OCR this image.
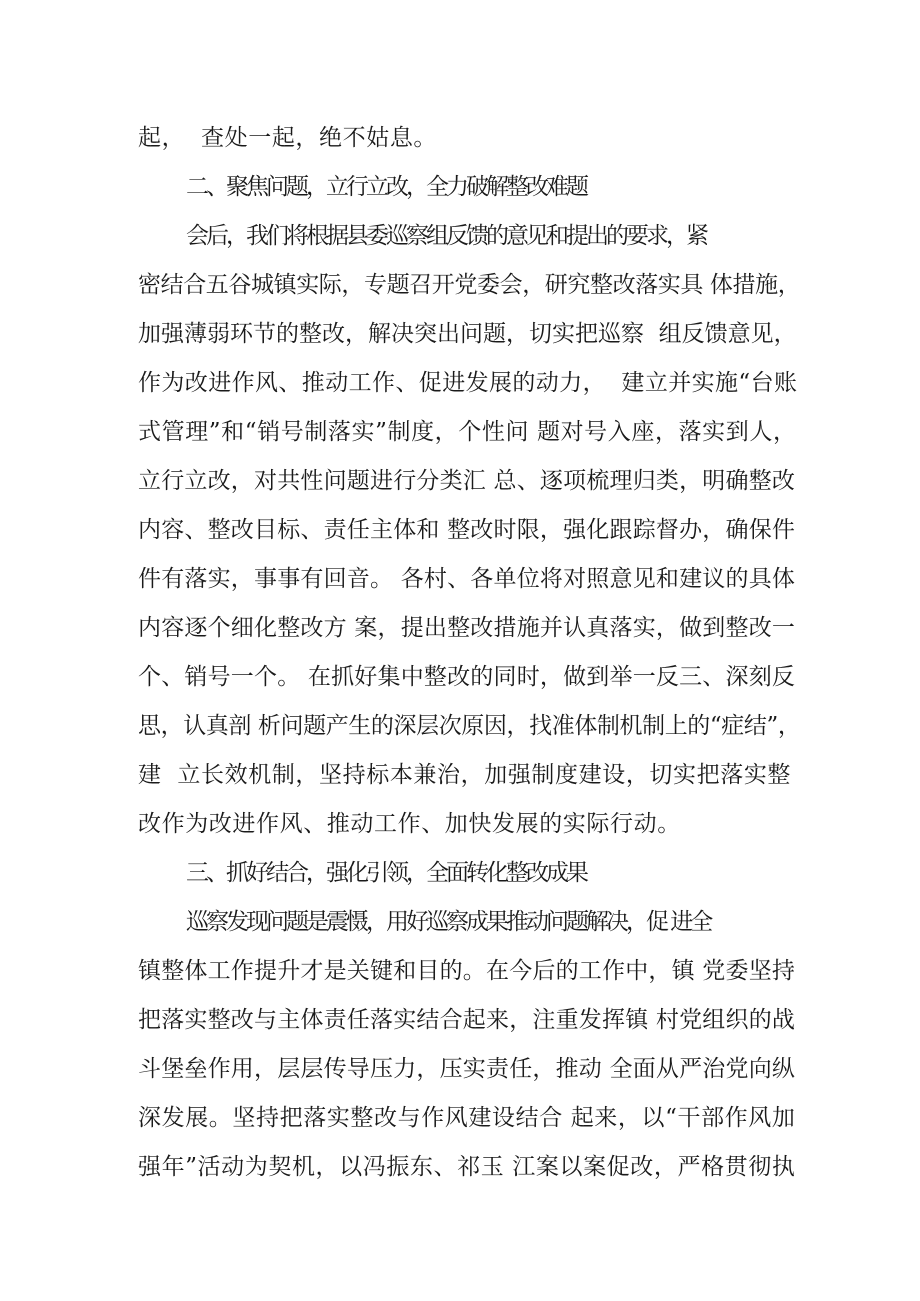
起，  查处一起，绝不姑息。
二、聚焦问题，立行立改，全力破解整改难题
会后，我们将根据县委巡察组反馈的意见和提出的要求，紧
密结合五谷城镇实际，专题召开党委会，研究整改落实具 体措施，
加强薄弱环节的整改，解决突出问题，切实把巡察  组反馈意见，
作为改进作风、推动工作、促进发展的动力，  建立并实施“台账
式管理”和“销号制落实”制度，个性问 题对号入座，落实到人，
立行立改，对共性问题进行分类汇 总、逐项梳理归类，明确整改
内容、整改目标、责任主体和 整改时限，强化跟踪督办，确保件
件有落实，事事有回音。 各村、各单位将对照意见和建议的具体
内容逐个细化整改方 案，提出整改措施并认真落实，做到整改一
个、销号一个。 在抓好集中整改的同时，做到举一反三、深刻反
思，认真剖 析问题产生的深层次原因，找准体制机制上的“症结”，
建  立长效机制，坚持标本兼治，加强制度建设，切实把落实整
改作为改进作风、推动工作、加快发展的实际行动。
三、抓好结合，强化引领，全面转化整改成果
巡察发现问题是震慑，用好巡察成果推动问题解决，促 进全
镇整体工作提升才是关键和目的。在今后的工作中，镇 党委坚持
把落实整改与主体责任落实结合起来，注重发挥镇 村党组织的战
斗堡垒作用，层层传导压力，压实责任，推动 全面从严治党向纵
深发展。坚持把落实整改与作风建设结合 起来，以“干部作风加
强年”活动为契机，以冯振东、祁玉 江案以案促改，严格贯彻执
